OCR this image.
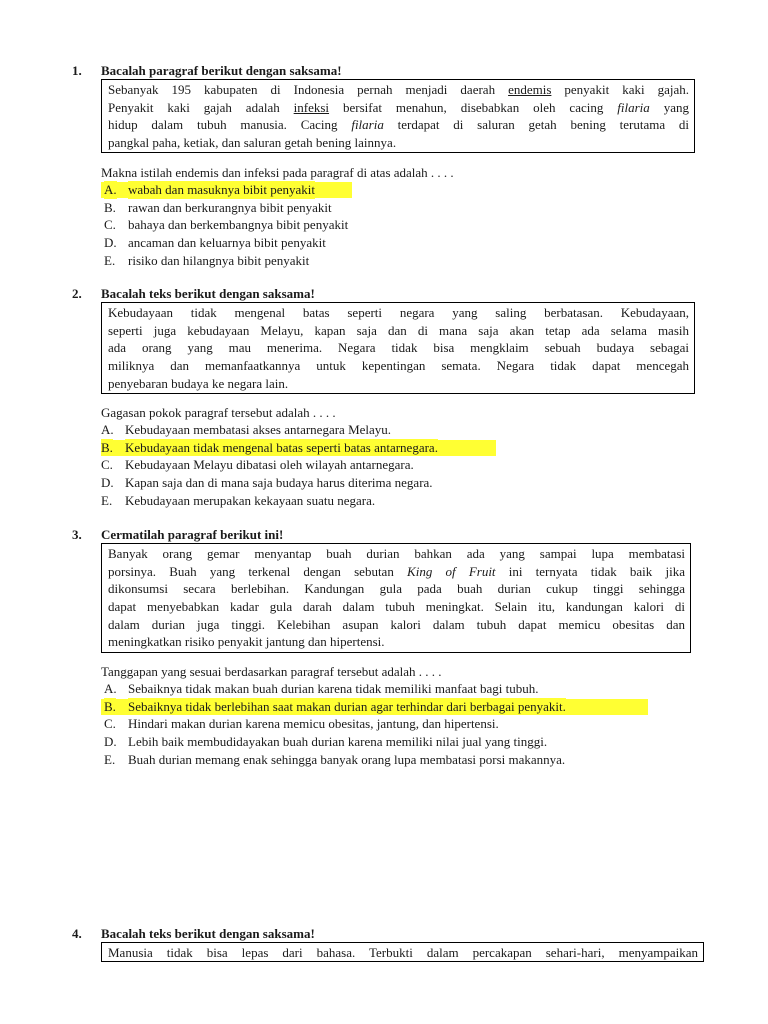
1. Bacalah paragraf berikut dengan saksama!
Sebanyak 195 kabupaten di Indonesia pernah menjadi daerah endemis penyakit kaki gajah.
Penyakit kaki gajah adalah infeksi bersifat menahun, disebabkan oleh cacing filaria yang
hidup dalam tubuh manusia. Cacing filaria terdapat di saluran getah bening terutama di
pangkal paha, ketiak, dan saluran getah bening lainnya.
Makna istilah endemis dan infeksi pada paragraf di atas adalah . . . .
A. wabah dan masuknya bibit penyakit
B. rawan dan berkurangnya bibit penyakit
C. bahaya dan berkembangnya bibit penyakit
D. ancaman dan keluarnya bibit penyakit
E. risiko dan hilangnya bibit penyakit
2. Bacalah teks berikut dengan saksama!
Kebudayaan tidak mengenal batas seperti negara yang saling berbatasan. Kebudayaan,
seperti juga kebudayaan Melayu, kapan saja dan di mana saja akan tetap ada selama masih
ada orang yang mau menerima. Negara tidak bisa mengklaim sebuah budaya sebagai
miliknya dan memanfaatkannya untuk kepentingan semata. Negara tidak dapat mencegah
penyebaran budaya ke negara lain.
Gagasan pokok paragraf tersebut adalah . . . .
A. Kebudayaan membatasi akses antarnegara Melayu.
B. Kebudayaan tidak mengenal batas seperti batas antarnegara.
C. Kebudayaan Melayu dibatasi oleh wilayah antarnegara.
D. Kapan saja dan di mana saja budaya harus diterima negara.
E. Kebudayaan merupakan kekayaan suatu negara.
3. Cermatilah paragraf berikut ini!
Banyak orang gemar menyantap buah durian bahkan ada yang sampai lupa membatasi
porsinya. Buah yang terkenal dengan sebutan King of Fruit ini ternyata tidak baik jika
dikonsumsi secara berlebihan. Kandungan gula pada buah durian cukup tinggi sehingga
dapat menyebabkan kadar gula darah dalam tubuh meningkat. Selain itu, kandungan kalori di
dalam durian juga tinggi. Kelebihan asupan kalori dalam tubuh dapat memicu obesitas dan
meningkatkan risiko penyakit jantung dan hipertensi.
Tanggapan yang sesuai berdasarkan paragraf tersebut adalah . . . .
A. Sebaiknya tidak makan buah durian karena tidak memiliki manfaat bagi tubuh.
B. Sebaiknya tidak berlebihan saat makan durian agar terhindar dari berbagai penyakit.
C. Hindari makan durian karena memicu obesitas, jantung, dan hipertensi.
D. Lebih baik membudidayakan buah durian karena memiliki nilai jual yang tinggi.
E. Buah durian memang enak sehingga banyak orang lupa membatasi porsi makannya.
4. Bacalah teks berikut dengan saksama!
Manusia tidak bisa lepas dari bahasa. Terbukti dalam percakapan sehari-hari, menyampaikan
